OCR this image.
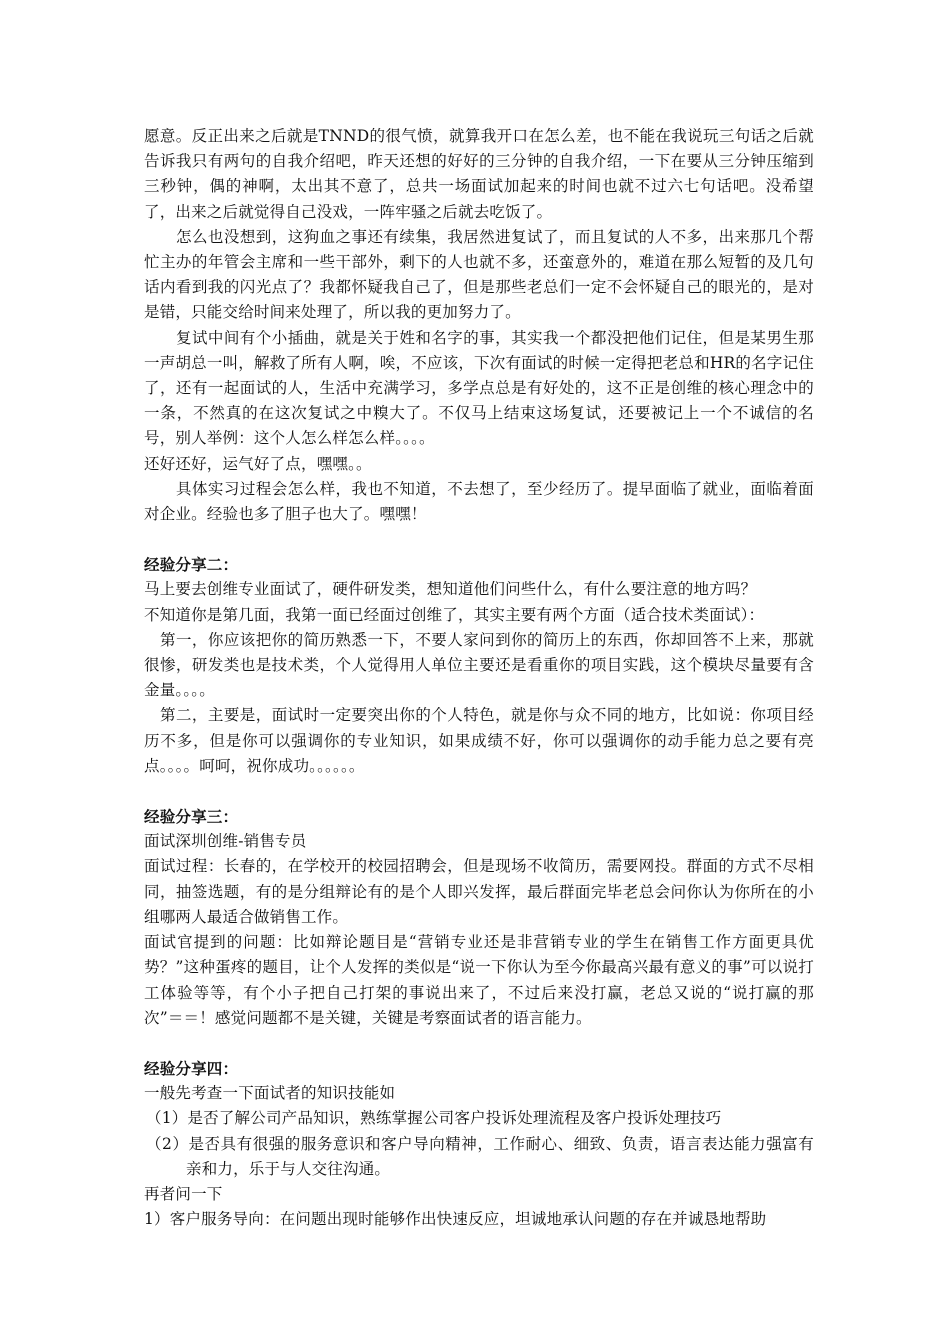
愿意。反正出来之后就是TNND的很气愤，就算我开口在怎么差，也不能在我说玩三句话之后就告诉我只有两句的自我介绍吧，昨天还想的好好的三分钟的自我介绍，一下在要从三分钟压缩到三秒钟，偶的神啊，太出其不意了，总共一场面试加起来的时间也就不过六七句话吧。没希望了，出来之后就觉得自己没戏，一阵牢骚之后就去吃饭了。

怎么也没想到，这狗血之事还有续集，我居然进复试了，而且复试的人不多，出来那几个帮忙主办的年管会主席和一些干部外，剩下的人也就不多，还蛮意外的，难道在那么短暂的及几句话内看到我的闪光点了？我都怀疑我自己了，但是那些老总们一定不会怀疑自己的眼光的，是对是错，只能交给时间来处理了，所以我的更加努力了。

复试中间有个小插曲，就是关于姓和名字的事，其实我一个都没把他们记住，但是某男生那一声胡总一叫，解救了所有人啊，唉，不应该，下次有面试的时候一定得把老总和HR的名字记住了，还有一起面试的人，生活中充满学习，多学点总是有好处的，这不正是创维的核心理念中的一条，不然真的在这次复试之中糗大了。不仅马上结束这场复试，还要被记上一个不诚信的名号，别人举例：这个人怎么样怎么样。。。。

还好还好，运气好了点，嘿嘿。。

具体实习过程会怎么样，我也不知道，不去想了，至少经历了。提早面临了就业，面临着面对企业。经验也多了胆子也大了。嘿嘿！

经验分享二：

马上要去创维专业面试了，硬件研发类，想知道他们问些什么，有什么要注意的地方吗？

不知道你是第几面，我第一面已经面过创维了，其实主要有两个方面（适合技术类面试）：

第一，你应该把你的简历熟悉一下，不要人家问到你的简历上的东西，你却回答不上来，那就很惨，研发类也是技术类，个人觉得用人单位主要还是看重你的项目实践，这个模块尽量要有含金量。。。。

第二，主要是，面试时一定要突出你的个人特色，就是你与众不同的地方，比如说：你项目经历不多，但是你可以强调你的专业知识，如果成绩不好，你可以强调你的动手能力总之要有亮点。。。。呵呵，祝你成功。。。。。。

经验分享三：

面试深圳创维-销售专员

面试过程：长春的，在学校开的校园招聘会，但是现场不收简历，需要网投。群面的方式不尽相同，抽签选题，有的是分组辩论有的是个人即兴发挥，最后群面完毕老总会问你认为你所在的小组哪两人最适合做销售工作。

面试官提到的问题：比如辩论题目是“营销专业还是非营销专业的学生在销售工作方面更具优势？”这种蛋疼的题目，让个人发挥的类似是“说一下你认为至今你最高兴最有意义的事”可以说打工体验等等，有个小子把自己打架的事说出来了，不过后来没打赢，老总又说的“说打赢的那次”＝＝！感觉问题都不是关键，关键是考察面试者的语言能力。

经验分享四：

一般先考查一下面试者的知识技能如

（1）是否了解公司产品知识，熟练掌握公司客户投诉处理流程及客户投诉处理技巧

（2）是否具有很强的服务意识和客户导向精神，工作耐心、细致、负责，语言表达能力强富有亲和力，乐于与人交往沟通。

再者问一下

1）客户服务导向：在问题出现时能够作出快速反应，坦诚地承认问题的存在并诚恳地帮助
